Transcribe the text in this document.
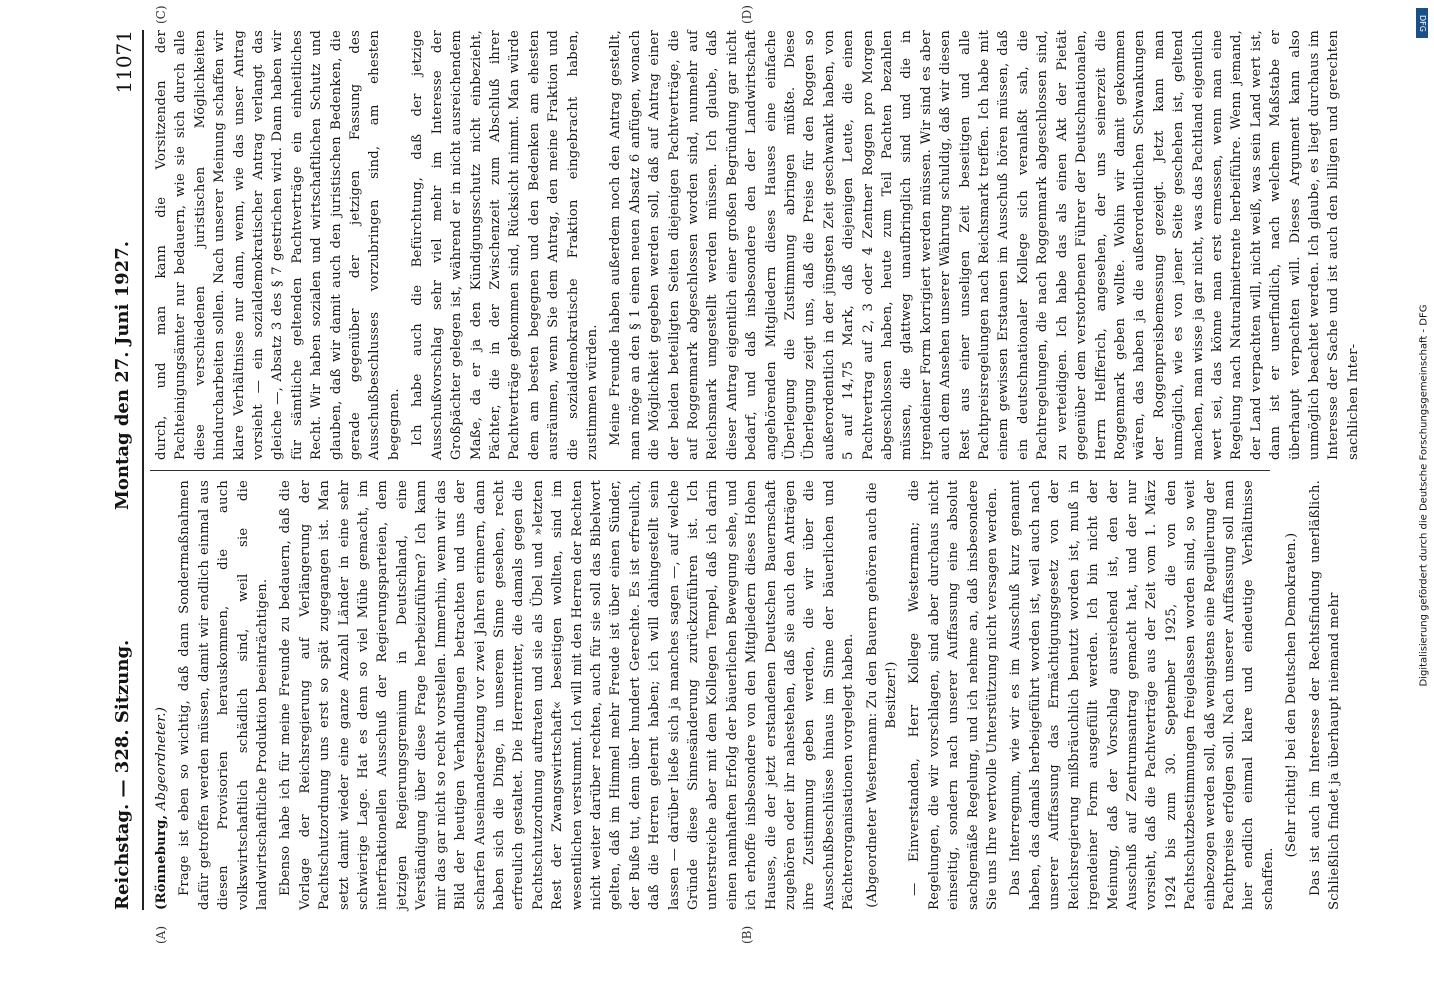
Reichstag. — 328. Sitzung.
Montag den 27. Juni 1927.
11071

(Rönneburg, Abgeordneter.) Frage ist eben so wichtig, daß dann Sondermaßnahmen dafür getroffen werden müssen, damit wir endlich einmal aus diesen Provisorien herauskommen, die auch volkswirtschaftlich schädlich sind, weil sie die landwirtschaftliche Produktion beeinträchtigen. Ebenso habe ich für meine Freunde zu bedauern, daß die Vorlage der Reichsregierung auf Verlängerung der Pachtschutzordnung uns erst so spät zugegangen ist. Man setzt damit wieder eine ganze Anzahl Länder in eine sehr schwierige Lage. Hat es denn so viel Mühe gemacht, im interfraktionellen Ausschuß der Regierungsparteien, dem jetzigen Regierungsgremium in Deutschland, eine Verständigung über diese Frage herbeizuführen? Ich kann mir das gar nicht so recht vorstellen. Immerhin, wenn wir das Bild der heutigen Verhandlungen betrachten und uns der scharfen Auseinandersetzung vor zwei Jahren erinnern, dann haben sich die Dinge, in unserem Sinne gesehen, recht erfreulich gestaltet. Die Herrenritter, die damals gegen die Pachtschutzordnung auftraten und sie als Übel und »letzten Rest der Zwangswirtschaft« beseitigen wollten, sind im wesentlichen verstummt. Ich will mit den Herren der Rechten nicht weiter darüber rechten, auch für sie soll das Bibelwort gelten, daß im Himmel mehr Freude ist über einen Sünder, der Buße tut, denn über hundert Gerechte. Es ist erfreulich, daß die Herren gelernt haben; ich will dahingestellt sein lassen — darüber ließe sich ja manches sagen —, auf welche Gründe diese Sinnesänderung zurückzuführen ist. Ich unterstreiche aber mit dem Kollegen Tempel, daß ich darin einen namhaften Erfolg der bäuerlichen Bewegung sehe, und ich erhoffe insbesondere von den Mitgliedern dieses Hohen Hauses, die der jetzt erstandenen Deutschen Bauernschaft zugehören oder ihr nahestehen, daß sie auch den Anträgen ihre Zustimmung geben werden, die wir über die Ausschußbeschlüsse hinaus im Sinne der bäuerlichen und Pächterorganisationen vorgelegt haben. (Abgeordneter Westermann: Zu den Bauern gehören auch die Besitzer!) — Einverstanden, Herr Kollege Westermann; die Regelungen, die wir vorschlagen, sind aber durchaus nicht einseitig, sondern nach unserer Auffassung eine absolut sachgemäße Regelung, und ich nehme an, daß insbesondere Sie uns Ihre wertvolle Unterstützung nicht versagen werden. Das Interregnum, wie wir es im Ausschuß kurz genannt haben, das damals herbeigeführt worden ist, weil auch nach unserer Auffassung das Ermächtigungsgesetz von der Reichsregierung mißbräuchlich benutzt worden ist, muß in irgendeiner Form ausgefüllt werden. Ich bin nicht der Meinung, daß der Vorschlag ausreichend ist, den der Ausschuß auf Zentrumsantrag gemacht hat, und der nur vorsieht, daß die Pachtverträge aus der Zeit vom 1. März 1924 bis zum 30. September 1925, die von den Pachtschutzbestimmungen freigelassen worden sind, so weit einbezogen werden soll, daß wenigstens eine Regulierung der Pachtpreise erfolgen soll. Nach unserer Auffassung soll man hier endlich einmal klare und eindeutige Verhältnisse schaffen.

(Sehr richtig! bei den Deutschen Demokraten.) Das ist auch im Interesse der Rechtsfindung unerläßlich. Schließlich findet ja überhaupt niemand mehr

durch, und man kann die Vorsitzenden der Pachteinigungsämter nur bedauern, wie sie sich durch alle diese verschiedenen juristischen Möglichkeiten hindurcharbeiten sollen. Nach unserer Meinung schaffen wir klare Verhältnisse nur dann, wenn, wie das unser Antrag vorsieht — ein sozialdemokratischer Antrag verlangt das gleiche —, Absatz 3 des § 7 gestrichen wird. Dann haben wir für sämtliche geltenden Pachtverträge ein einheitliches Recht. Wir haben sozialen und wirtschaftlichen Schutz und glauben, daß wir damit auch den juristischen Bedenken, die gerade gegenüber der jetzigen Fassung des Ausschußbeschlusses vorzubringen sind, am ehesten begegnen. Ich habe auch die Befürchtung, daß der jetzige Ausschußvorschlag sehr viel mehr im Interesse der Großpächter gelegen ist, während er in nicht ausreichendem Maße, da er ja den Kündigungsschutz nicht einbezieht, Pächter, die in der Zwischenzeit zum Abschluß ihrer Pachtverträge gekommen sind, Rücksicht nimmt. Man würde dem am besten begegnen und den Bedenken am ehesten ausräumen, wenn Sie dem Antrag, den meine Fraktion und die sozialdemokratische Fraktion eingebracht haben, zustimmen würden. Meine Freunde haben außerdem noch den Antrag gestellt, man möge an den § 1 einen neuen Absatz 6 anfügen, wonach die Möglichkeit gegeben werden soll, daß auf Antrag einer der beiden beteiligten Seiten diejenigen Pachtverträge, die auf Roggenmark abgeschlossen worden sind, nunmehr auf Reichsmark umgestellt werden müssen. Ich glaube, daß dieser Antrag eigentlich einer großen Begründung gar nicht bedarf, und daß insbesondere den der Landwirtschaft angehörenden Mitgliedern dieses Hauses eine einfache Überlegung die Zustimmung abringen müßte. Diese Überlegung zeigt uns, daß die Preise für den Roggen so außerordentlich in der jüngsten Zeit geschwankt haben, von 5 auf 14,75 Mark, daß diejenigen Leute, die einen Pachtvertrag auf 2, 3 oder 4 Zentner Roggen pro Morgen abgeschlossen haben, heute zum Teil Pachten bezahlen müssen, die glattweg unaufbringlich sind und die in irgendeiner Form korrigiert werden müssen. Wir sind es aber auch dem Ansehen unserer Währung schuldig, daß wir diesen Rest aus einer unseligen Zeit beseitigen und alle Pachtpreisregelungen nach Reichsmark treffen. Ich habe mit einem gewissen Erstaunen im Ausschuß hören müssen, daß ein deutschnationaler Kollege sich veranlaßt sah, die Pachtregelungen, die nach Roggenmark abgeschlossen sind, zu verteidigen. Ich habe das als einen Akt der Pietät gegenüber dem verstorbenen Führer der Deutschnationalen, Herrn Helfferich, angesehen, der uns seinerzeit die Roggenmark geben wollte. Wohin wir damit gekommen wären, das haben ja die außerordentlichen Schwankungen der Roggenpreisbemessung gezeigt. Jetzt kann man unmöglich, wie es von jener Seite geschehen ist, geltend machen, man wisse ja gar nicht, was das Pachtland eigentlich wert sei, das könne man erst ermessen, wenn man eine Regelung nach Naturalmietrente herbeiführe. Wenn jemand, der Land verpachten will, nicht weiß, was sein Land wert ist, dann ist er unerfindlich, nach welchem Maßstabe er überhaupt verpachten will. Dieses Argument kann also unmöglich beachtet werden. Ich glaube, es liegt durchaus im Interesse der Sache und ist auch den billigen und gerechten sachlichen Inter-

(A)	(B)
(C)	(D)
Digitalisierung gefördert durch die Deutsche Forschungsgemeinschaft - DFG
DFG
